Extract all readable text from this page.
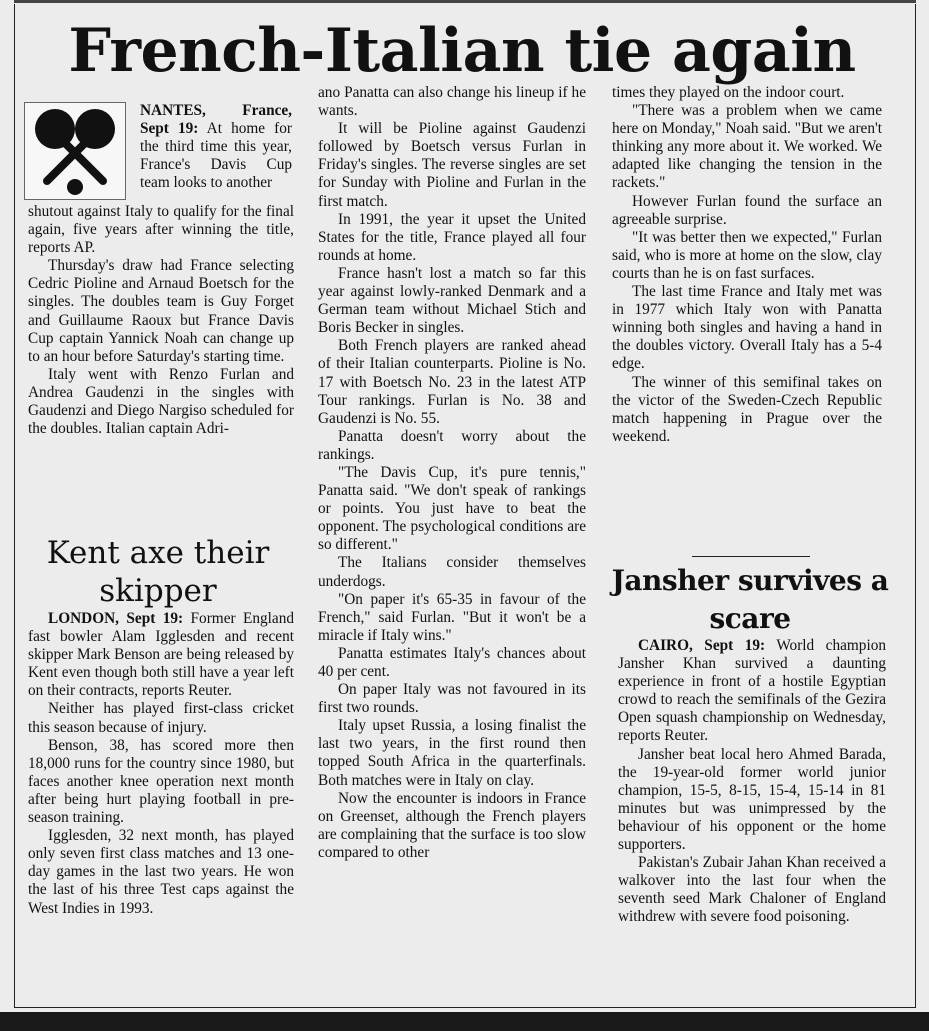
French-Italian tie again

NANTES, France, Sept 19: At home for the third time this year, France's Davis Cup team looks to another

shutout against Italy to qualify for the final again, five years after winning the title, reports AP.

Thursday's draw had France selecting Cedric Pioline and Arnaud Boetsch for the singles. The doubles team is Guy Forget and Guillaume Raoux but France Davis Cup captain Yannick Noah can change up to an hour before Saturday's starting time.

Italy went with Renzo Furlan and Andrea Gaudenzi in the singles with Gaudenzi and Diego Nargiso scheduled for the doubles. Italian captain Adri-

Kent axe their skipper

LONDON, Sept 19: Former England fast bowler Alam Igglesden and recent skipper Mark Benson are being released by Kent even though both still have a year left on their contracts, reports Reuter.

Neither has played first-class cricket this season because of injury.

Benson, 38, has scored more then 18,000 runs for the country since 1980, but faces another knee operation next month after being hurt playing football in pre-season training.

Igglesden, 32 next month, has played only seven first class matches and 13 one-day games in the last two years. He won the last of his three Test caps against the West Indies in 1993.

ano Panatta can also change his lineup if he wants.

It will be Pioline against Gaudenzi followed by Boetsch versus Furlan in Friday's singles. The reverse singles are set for Sunday with Pioline and Furlan in the first match.

In 1991, the year it upset the United States for the title, France played all four rounds at home.

France hasn't lost a match so far this year against lowly-ranked Denmark and a German team without Michael Stich and Boris Becker in singles.

Both French players are ranked ahead of their Italian counterparts. Pioline is No. 17 with Boetsch No. 23 in the latest ATP Tour rankings. Furlan is No. 38 and Gaudenzi is No. 55.

Panatta doesn't worry about the rankings.

"The Davis Cup, it's pure tennis," Panatta said. "We don't speak of rankings or points. You just have to beat the opponent. The psychological conditions are so different."

The Italians consider themselves underdogs.

"On paper it's 65-35 in favour of the French," said Furlan. "But it won't be a miracle if Italy wins."

Panatta estimates Italy's chances about 40 per cent.

On paper Italy was not favoured in its first two rounds.

Italy upset Russia, a losing finalist the last two years, in the first round then topped South Africa in the quarterfinals. Both matches were in Italy on clay.

Now the encounter is indoors in France on Greenset, although the French players are complaining that the surface is too slow compared to other

times they played on the indoor court.

"There was a problem when we came here on Monday," Noah said. "But we aren't thinking any more about it. We worked. We adapted like changing the tension in the rackets."

However Furlan found the surface an agreeable surprise.

"It was better then we expected," Furlan said, who is more at home on the slow, clay courts than he is on fast surfaces.

The last time France and Italy met was in 1977 which Italy won with Panatta winning both singles and having a hand in the doubles victory. Overall Italy has a 5-4 edge.

The winner of this semifinal takes on the victor of the Sweden-Czech Republic match happening in Prague over the weekend.

Jansher survives a scare

CAIRO, Sept 19: World champion Jansher Khan survived a daunting experience in front of a hostile Egyptian crowd to reach the semifinals of the Gezira Open squash championship on Wednesday, reports Reuter.

Jansher beat local hero Ahmed Barada, the 19-year-old former world junior champion, 15-5, 8-15, 15-4, 15-14 in 81 minutes but was unimpressed by the behaviour of his opponent or the home supporters.

Pakistan's Zubair Jahan Khan received a walkover into the last four when the seventh seed Mark Chaloner of England withdrew with severe food poisoning.
